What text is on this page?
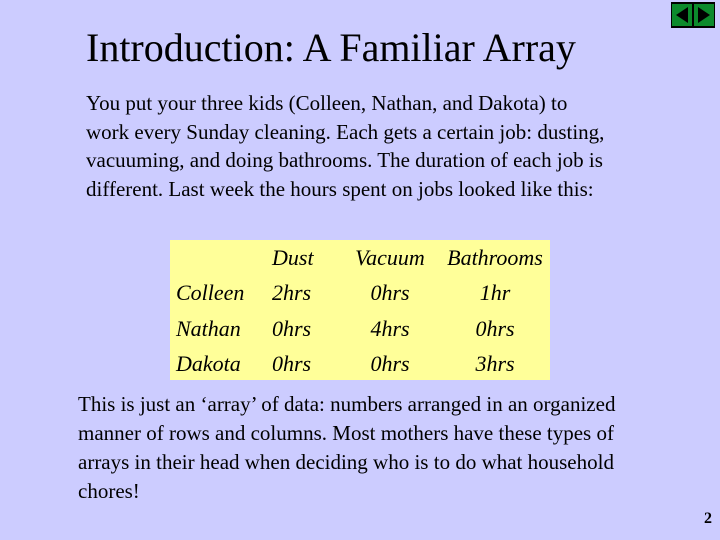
Introduction: A Familiar Array
You put your three kids (Colleen, Nathan, and Dakota) to work every Sunday cleaning. Each gets a certain job: dusting, vacuuming, and doing bathrooms. The duration of each job is different. Last week the hours spent on jobs looked like this:
	Dust	Vacuum	Bathrooms
Colleen	2hrs	0hrs	1hr
Nathan	0hrs	4hrs	0hrs
Dakota	0hrs	0hrs	3hrs
This is just an ‘array’ of data: numbers arranged in an organized manner of rows and columns. Most mothers have these types of arrays in their head when deciding who is to do what household chores!
2
